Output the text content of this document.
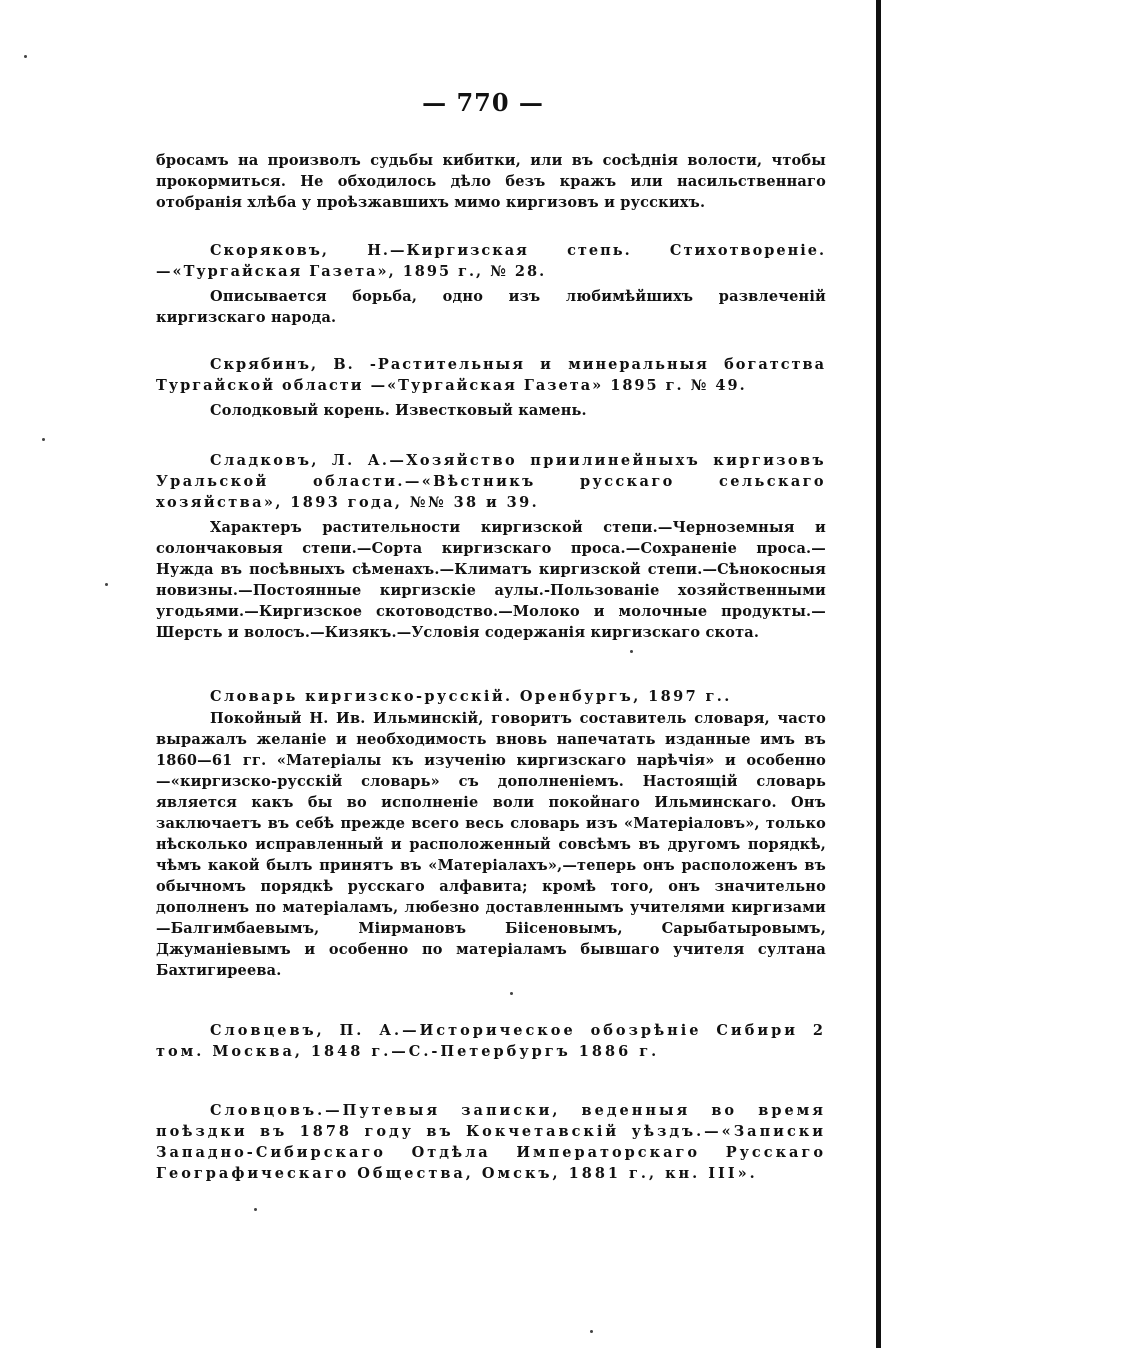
— 770 —

бросамъ на произволъ судьбы кибитки, или въ сосѣднія волости, чтобы прокормиться. Не обходилось дѣло безъ кражъ или насильственнаго отобранія хлѣба у проѣзжавшихъ мимо киргизовъ и русскихъ.

Скоряковъ, Н.—Киргизская степь. Стихотвореніе.—«Тургайская Газета», 1895 г., № 28.

Описывается борьба, одно изъ любимѣйшихъ развлеченій киргизскаго народа.

Скрябинъ, В. -Растительныя и минеральныя богатства Тургайской области —«Тургайская Газета» 1895 г. № 49.

Солодковый корень. Известковый камень.

Сладковъ, Л. А.—Хозяйство приилинейныхъ киргизовъ Уральской области.—«Вѣстникъ русскаго сельскаго хозяйства», 1893 года, №№ 38 и 39.

Характеръ растительности киргизской степи.—Черноземныя и солончаковыя степи.—Сорта киргизскаго проса.—Сохраненіе проса.—Нужда въ посѣвныхъ сѣменахъ.—Климатъ киргизской степи.—Сѣнокосныя новизны.—Постоянные киргизскіе аулы.-Пользованіе хозяйственными угодьями.—Киргизское скотоводство.—Молоко и молочные продукты.—Шерсть и волосъ.—Кизякъ.—Условія содержанія киргизскаго скота.

Словарь киргизско-русскій. Оренбургъ, 1897 г..

Покойный Н. Ив. Ильминскій, говоритъ составитель словаря, часто выражалъ желаніе и необходимость вновь напечатать изданные имъ въ 1860—61 гг. «Матеріалы къ изученію киргизскаго нарѣчія» и особенно—«киргизско-русскій словарь» съ дополненіемъ. Настоящій словарь является какъ бы во исполненіе воли покойнаго Ильминскаго. Онъ заключаетъ въ себѣ прежде всего весь словарь изъ «Матеріаловъ», только нѣсколько исправленный и расположенный совсѣмъ въ другомъ порядкѣ, чѣмъ какой былъ принятъ въ «Матеріалахъ»,—теперь онъ расположенъ въ обычномъ порядкѣ русскаго алфавита; кромѣ того, онъ значительно дополненъ по матеріаламъ, любезно доставленнымъ учителями киргизами—Балгимбаевымъ, Міирмановъ Біісеновымъ, Сарыбатыровымъ, Джуманіевымъ и особенно по матеріаламъ бывшаго учителя султана Бахтигиреева.

Словцевъ, П. А.—Историческое обозрѣніе Сибири 2 том. Москва, 1848 г.—С.-Петербургъ 1886 г.

Словцовъ.—Путевыя записки, веденныя во время поѣздки въ 1878 году въ Кокчетавскій уѣздъ.—«Записки Западно-Сибирскаго Отдѣла Императорскаго Русскаго Географическаго Общества, Омскъ, 1881 г., кн. III».
